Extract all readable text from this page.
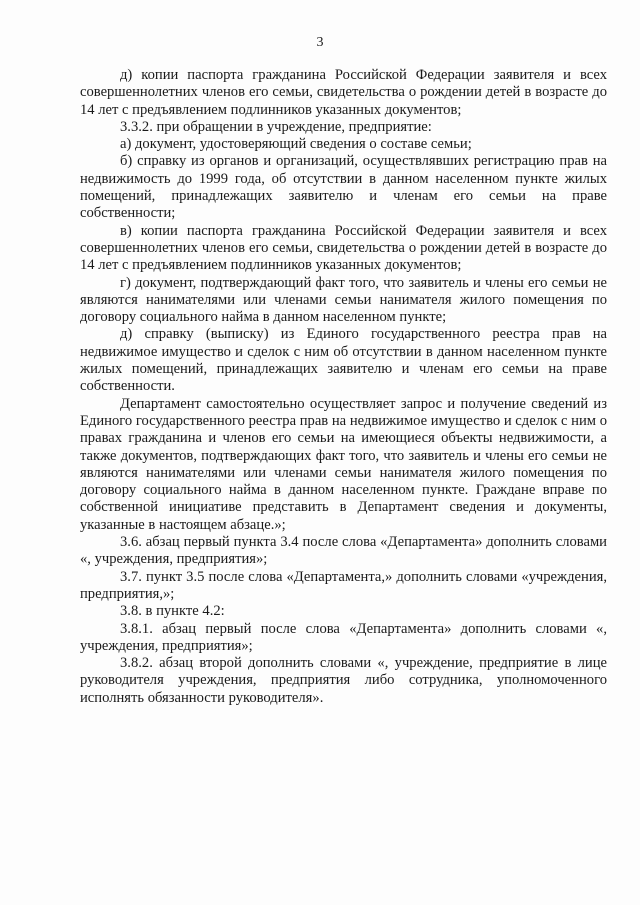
3

д) копии паспорта гражданина Российской Федерации заявителя и всех совершеннолетних членов его семьи, свидетельства о рождении детей в возрасте до 14 лет с предъявлением подлинников указанных документов;

3.3.2. при обращении в учреждение, предприятие:

а) документ, удостоверяющий сведения о составе семьи;

б) справку из органов и организаций, осуществлявших регистрацию прав на недвижимость до 1999 года, об отсутствии в данном населенном пункте жилых помещений, принадлежащих заявителю и членам его семьи на праве собственности;

в) копии паспорта гражданина Российской Федерации заявителя и всех совершеннолетних членов его семьи, свидетельства о рождении детей в возрасте до 14 лет с предъявлением подлинников указанных документов;

г) документ, подтверждающий факт того, что заявитель и члены его семьи не являются нанимателями или членами семьи нанимателя жилого помещения по договору социального найма в данном населенном пункте;

д) справку (выписку) из Единого государственного реестра прав на недвижимое имущество и сделок с ним об отсутствии в данном населенном пункте жилых помещений, принадлежащих заявителю и членам его семьи на праве собственности.

Департамент самостоятельно осуществляет запрос и получение сведений из Единого государственного реестра прав на недвижимое имущество и сделок с ним о правах гражданина и членов его семьи на имеющиеся объекты недвижимости, а также документов, подтверждающих факт того, что заявитель и члены его семьи не являются нанимателями или членами семьи нанимателя жилого помещения по договору социального найма в данном населенном пункте. Граждане вправе по собственной инициативе представить в Департамент сведения и документы, указанные в настоящем абзаце.»;

3.6. абзац первый пункта 3.4 после слова «Департамента» дополнить словами «, учреждения, предприятия»;

3.7. пункт 3.5 после слова «Департамента,» дополнить словами «учреждения, предприятия,»;

3.8. в пункте 4.2:

3.8.1. абзац первый после слова «Департамента» дополнить словами «, учреждения, предприятия»;

3.8.2. абзац второй дополнить словами «, учреждение, предприятие в лице руководителя учреждения, предприятия либо сотрудника, уполномоченного исполнять обязанности руководителя».
